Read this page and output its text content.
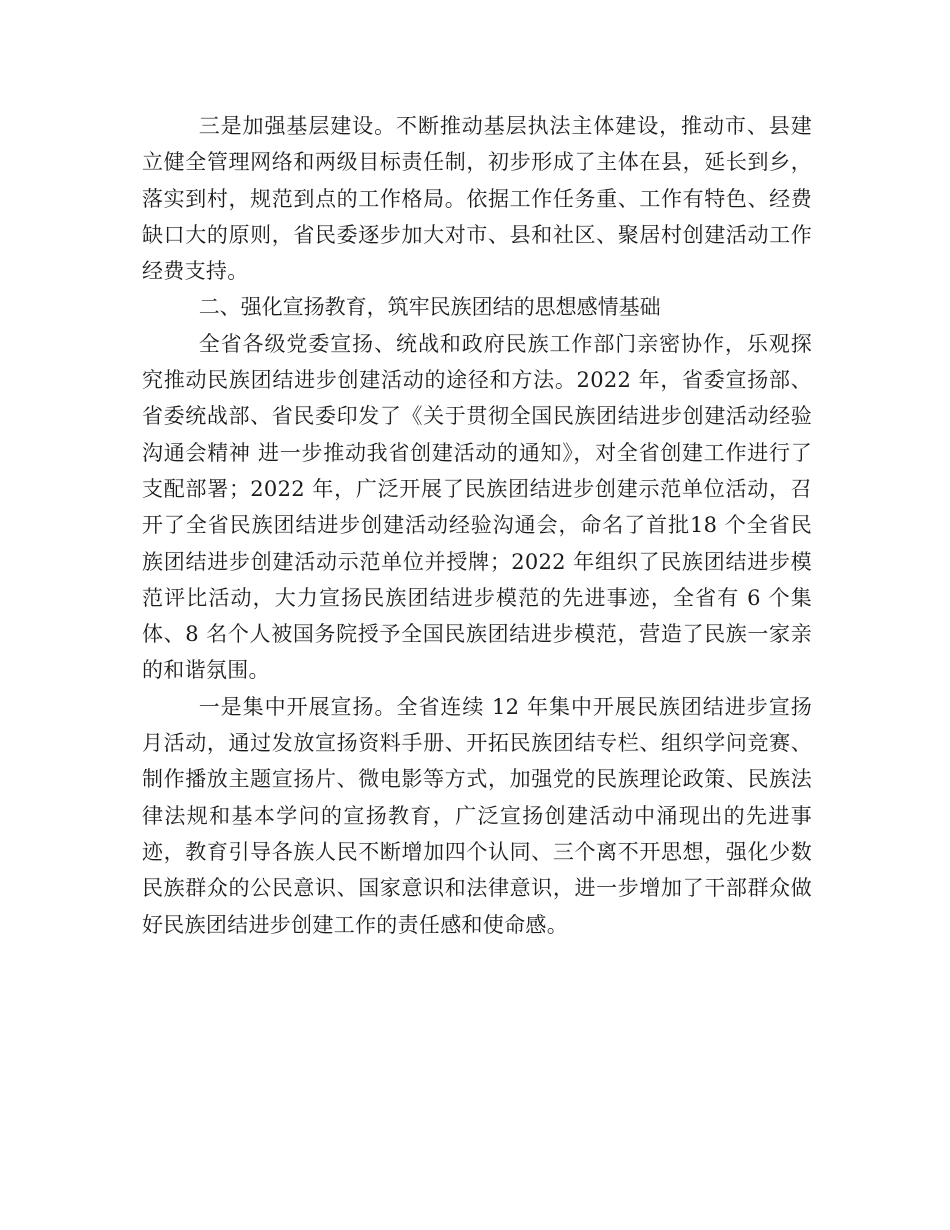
三是加强基层建设。不断推动基层执法主体建设，推动市、县建立健全管理网络和两级目标责任制，初步形成了主体在县，延长到乡，落实到村，规范到点的工作格局。依据工作任务重、工作有特色、经费缺口大的原则，省民委逐步加大对市、县和社区、聚居村创建活动工作经费支持。

二、强化宣扬教育，筑牢民族团结的思想感情基础

全省各级党委宣扬、统战和政府民族工作部门亲密协作，乐观探究推动民族团结进步创建活动的途径和方法。2022 年，省委宣扬部、省委统战部、省民委印发了《关于贯彻全国民族团结进步创建活动经验沟通会精神 进一步推动我省创建活动的通知》，对全省创建工作进行了支配部署；2022 年，广泛开展了民族团结进步创建示范单位活动，召开了全省民族团结进步创建活动经验沟通会，命名了首批18 个全省民族团结进步创建活动示范单位并授牌；2022 年组织了民族团结进步模范评比活动，大力宣扬民族团结进步模范的先进事迹，全省有 6 个集体、8 名个人被国务院授予全国民族团结进步模范，营造了民族一家亲的和谐氛围。

一是集中开展宣扬。全省连续 12 年集中开展民族团结进步宣扬月活动，通过发放宣扬资料手册、开拓民族团结专栏、组织学问竞赛、制作播放主题宣扬片、微电影等方式，加强党的民族理论政策、民族法律法规和基本学问的宣扬教育，广泛宣扬创建活动中涌现出的先进事迹，教育引导各族人民不断增加四个认同、三个离不开思想，强化少数民族群众的公民意识、国家意识和法律意识，进一步增加了干部群众做好民族团结进步创建工作的责任感和使命感。
